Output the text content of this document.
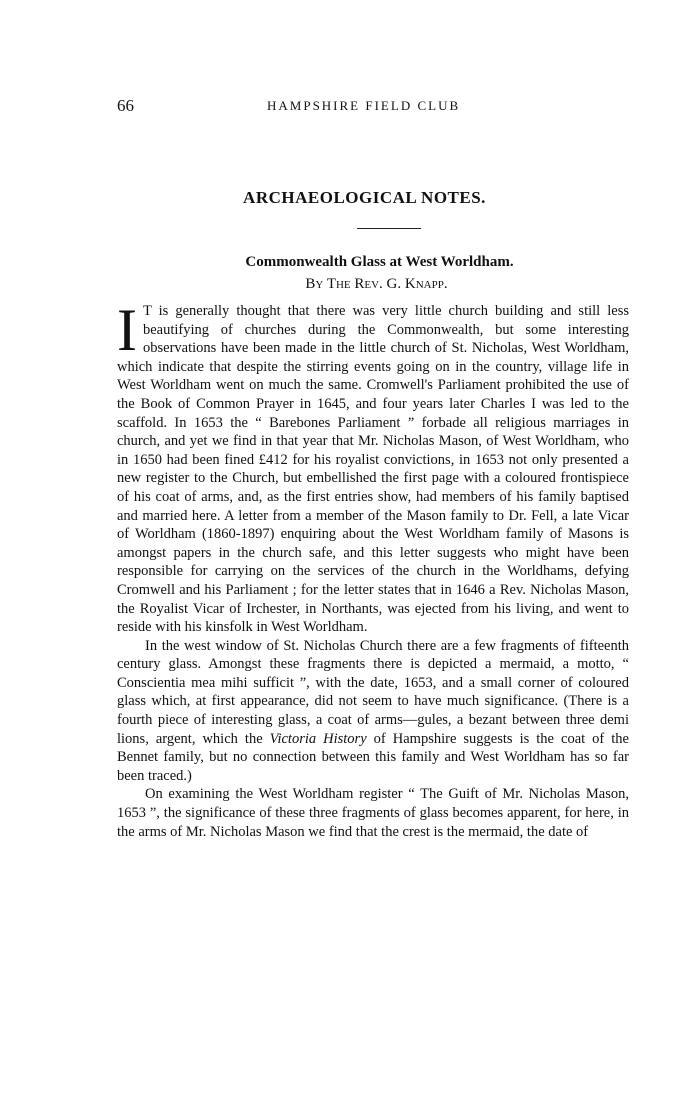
66	HAMPSHIRE FIELD CLUB
ARCHAEOLOGICAL NOTES.
Commonwealth Glass at West Worldham.
By The Rev. G. Knapp.

I T is generally thought that there was very little church building and still less beautifying of churches during the Commonwealth, but some interesting observations have been made in the little church of St. Nicholas, West Worldham, which indicate that despite the stirring events going on in the country, village life in West Worldham went on much the same. Cromwell's Parliament prohibited the use of the Book of Common Prayer in 1645, and four years later Charles I was led to the scaffold. In 1653 the “ Barebones Parliament ” forbade all religious marriages in church, and yet we find in that year that Mr. Nicholas Mason, of West Worldham, who in 1650 had been fined £412 for his royalist convictions, in 1653 not only presented a new register to the Church, but embellished the first page with a coloured frontispiece of his coat of arms, and, as the first entries show, had members of his family baptised and married here. A letter from a member of the Mason family to Dr. Fell, a late Vicar of Worldham (1860-1897) enquiring about the West Worldham family of Masons is amongst papers in the church safe, and this letter suggests who might have been responsible for carrying on the services of the church in the Worldhams, defying Cromwell and his Parliament ; for the letter states that in 1646 a Rev. Nicholas Mason, the Royalist Vicar of Irchester, in Northants, was ejected from his living, and went to reside with his kinsfolk in West Worldham.

In the west window of St. Nicholas Church there are a few fragments of fifteenth century glass. Amongst these fragments there is depicted a mermaid, a motto, “ Conscientia mea mihi sufficit ”, with the date, 1653, and a small corner of coloured glass which, at first appearance, did not seem to have much significance. (There is a fourth piece of interesting glass, a coat of arms—gules, a bezant between three demi lions, argent, which the Victoria History of Hampshire suggests is the coat of the Bennet family, but no connection between this family and West Worldham has so far been traced.)

On examining the West Worldham register “ The Guift of Mr. Nicholas Mason, 1653 ”, the significance of these three fragments of glass becomes apparent, for here, in the arms of Mr. Nicholas Mason we find that the crest is the mermaid, the date of
